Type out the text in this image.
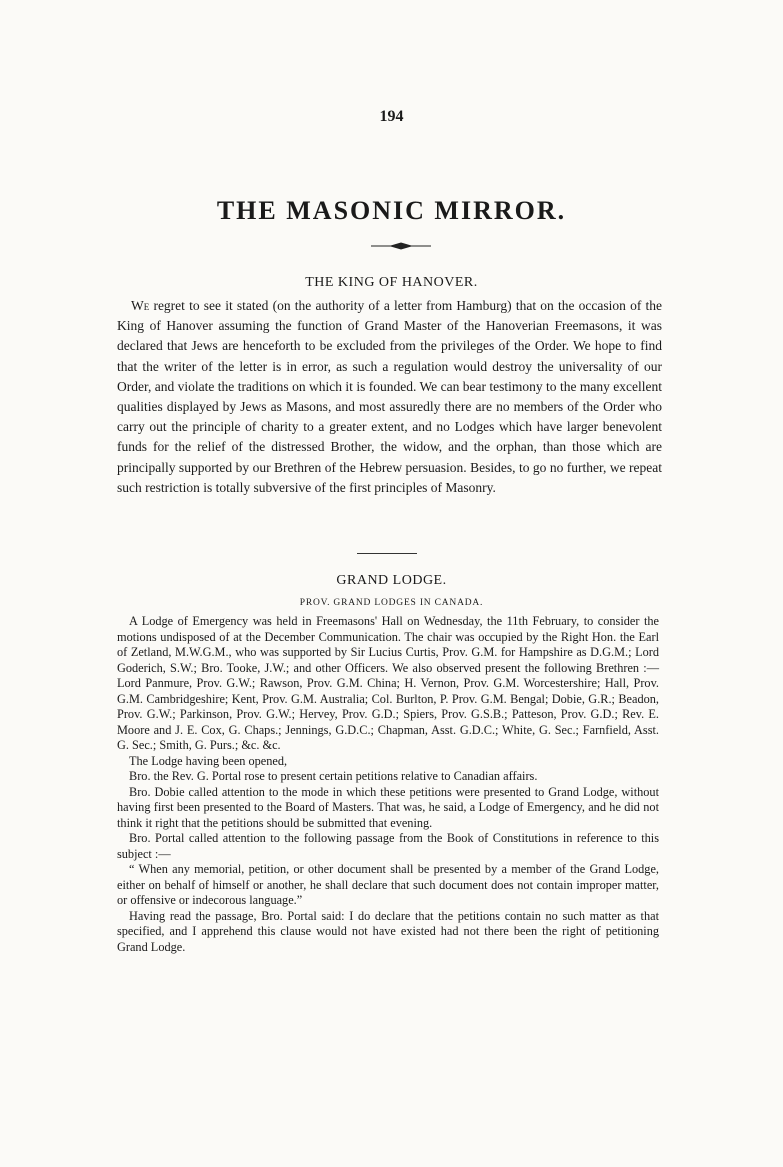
194
THE MASONIC MIRROR.
THE KING OF HANOVER.

We regret to see it stated (on the authority of a letter from Hamburg) that on the occasion of the King of Hanover assuming the function of Grand Master of the Hanoverian Freemasons, it was declared that Jews are henceforth to be excluded from the privileges of the Order. We hope to find that the writer of the letter is in error, as such a regulation would destroy the universality of our Order, and violate the traditions on which it is founded. We can bear testimony to the many excellent qualities displayed by Jews as Masons, and most assuredly there are no members of the Order who carry out the principle of charity to a greater extent, and no Lodges which have larger benevolent funds for the relief of the distressed Brother, the widow, and the orphan, than those which are principally supported by our Brethren of the Hebrew persuasion. Besides, to go no further, we repeat such restriction is totally subversive of the first principles of Masonry.

GRAND LODGE.
PROV. GRAND LODGES IN CANADA.

A Lodge of Emergency was held in Freemasons' Hall on Wednesday, the 11th February, to consider the motions undisposed of at the December Communication. The chair was occupied by the Right Hon. the Earl of Zetland, M.W.G.M., who was supported by Sir Lucius Curtis, Prov. G.M. for Hampshire as D.G.M.; Lord Goderich, S.W.; Bro. Tooke, J.W.; and other Officers. We also observed present the following Brethren :—Lord Panmure, Prov. G.W.; Rawson, Prov. G.M. China; H. Vernon, Prov. G.M. Worcestershire; Hall, Prov. G.M. Cambridgeshire; Kent, Prov. G.M. Australia; Col. Burlton, P. Prov. G.M. Bengal; Dobie, G.R.; Beadon, Prov. G.W.; Parkinson, Prov. G.W.; Hervey, Prov. G.D.; Spiers, Prov. G.S.B.; Patteson, Prov. G.D.; Rev. E. Moore and J. E. Cox, G. Chaps.; Jennings, G.D.C.; Chapman, Asst. G.D.C.; White, G. Sec.; Farnfield, Asst. G. Sec.; Smith, G. Purs.; &c. &c.

The Lodge having been opened,

Bro. the Rev. G. Portal rose to present certain petitions relative to Canadian affairs.

Bro. Dobie called attention to the mode in which these petitions were presented to Grand Lodge, without having first been presented to the Board of Masters. That was, he said, a Lodge of Emergency, and he did not think it right that the petitions should be submitted that evening.

Bro. Portal called attention to the following passage from the Book of Constitutions in reference to this subject :—

“ When any memorial, petition, or other document shall be presented by a member of the Grand Lodge, either on behalf of himself or another, he shall declare that such document does not contain improper matter, or offensive or indecorous language.”

Having read the passage, Bro. Portal said: I do declare that the petitions contain no such matter as that specified, and I apprehend this clause would not have existed had not there been the right of petitioning Grand Lodge.
